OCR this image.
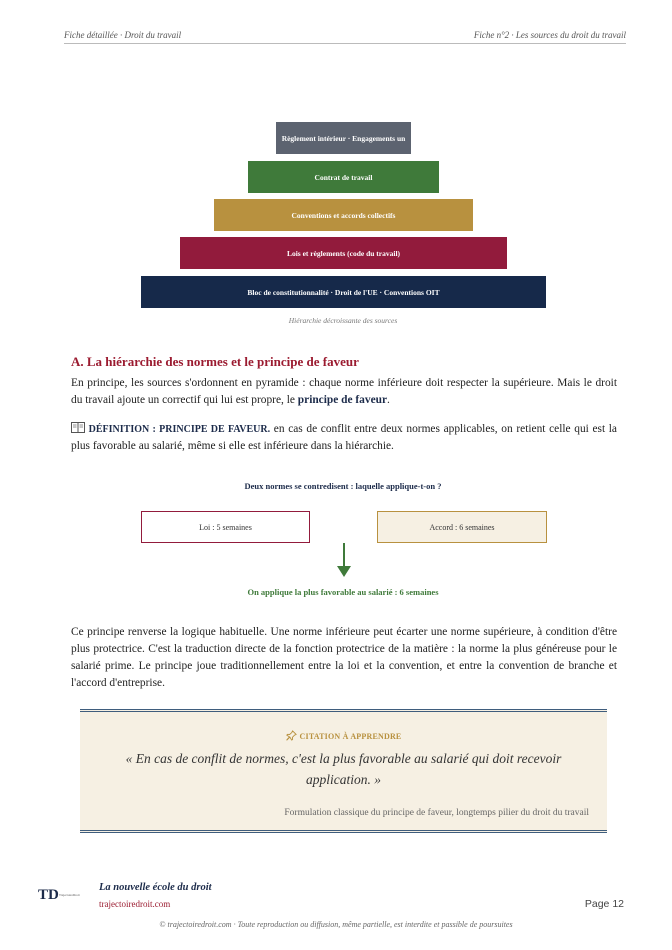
Fiche détaillée · Droit du travail	Fiche n°2 · Les sources du droit du travail
Règlement intérieur · Engagements un
Contrat de travail
Conventions et accords collectifs
Lois et règlements (code du travail)
Bloc de constitutionnalité · Droit de l'UE · Conventions OIT
Hiérarchie décroissante des sources
A. La hiérarchie des normes et le principe de faveur
En principe, les sources s'ordonnent en pyramide : chaque norme inférieure doit respecter la supérieure. Mais le droit du travail ajoute un correctif qui lui est propre, le principe de faveur.
DÉFINITION : PRINCIPE DE FAVEUR. en cas de conflit entre deux normes applicables, on retient celle qui est la plus favorable au salarié, même si elle est inférieure dans la hiérarchie.
Deux normes se contredisent : laquelle applique-t-on ?
Loi : 5 semaines	Accord : 6 semaines
On applique la plus favorable au salarié : 6 semaines
Ce principe renverse la logique habituelle. Une norme inférieure peut écarter une norme supérieure, à condition d'être plus protectrice. C'est la traduction directe de la fonction protectrice de la matière : la norme la plus généreuse pour le salarié prime. Le principe joue traditionnellement entre la loi et la convention, et entre la convention de branche et l'accord d'entreprise.
CITATION À APPRENDRE
« En cas de conflit de normes, c'est la plus favorable au salarié qui doit recevoir application. »
Formulation classique du principe de faveur, longtemps pilier du droit du travail
TD TrajectoireDroit
La nouvelle école du droit
trajectoiredroit.com	Page 12
© trajectoiredroit.com · Toute reproduction ou diffusion, même partielle, est interdite et passible de poursuites
